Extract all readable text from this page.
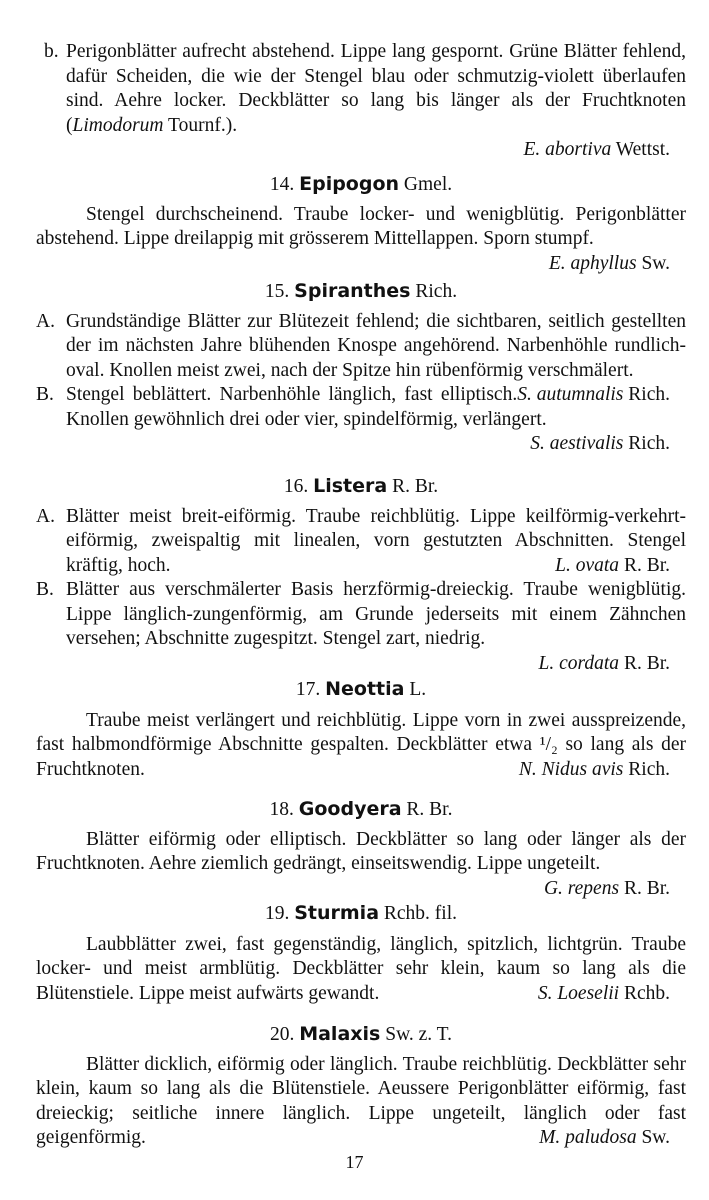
b. Perigonblätter aufrecht abstehend. Lippe lang gespornt. Grüne Blätter fehlend, dafür Scheiden, die wie der Stengel blau oder schmutzig-violett überlaufen sind. Aehre locker. Deckblätter so lang bis länger als der Fruchtknoten (Limodorum Tournf.).
E. abortiva Wettst.
14. Epipogon Gmel.
Stengel durchscheinend. Traube locker- und wenigblütig. Perigonblätter abstehend. Lippe dreilappig mit grösserem Mittellappen. Sporn stumpf.
E. aphyllus Sw.
15. Spiranthes Rich.
A. Grundständige Blätter zur Blütezeit fehlend; die sichtbaren, seitlich gestellten der im nächsten Jahre blühenden Knospe angehörend. Narbenhöhle rundlich-oval. Knollen meist zwei, nach der Spitze hin rübenförmig verschmälert.
S. autumnalis Rich.
B. Stengel beblättert. Narbenhöhle länglich, fast elliptisch. Knollen gewöhnlich drei oder vier, spindelförmig, verlängert.
S. aestivalis Rich.
16. Listera R. Br.
A. Blätter meist breit-eiförmig. Traube reichblütig. Lippe keilförmig-verkehrt-eiförmig, zweispaltig mit linealen, vorn gestutzten Abschnitten. Stengel kräftig, hoch.	L. ovata R. Br.
B. Blätter aus verschmälerter Basis herzförmig-dreieckig. Traube wenigblütig. Lippe länglich-zungenförmig, am Grunde jederseits mit einem Zähnchen versehen; Abschnitte zugespitzt. Stengel zart, niedrig.
L. cordata R. Br.
17. Neottia L.
Traube meist verlängert und reichblütig. Lippe vorn in zwei ausspreizende, fast halbmondförmige Abschnitte gespalten. Deckblätter etwa ¹/₂ so lang als der Fruchtknoten.	N. Nidus avis Rich.
18. Goodyera R. Br.
Blätter eiförmig oder elliptisch. Deckblätter so lang oder länger als der Fruchtknoten. Aehre ziemlich gedrängt, einseitswendig. Lippe ungeteilt.
G. repens R. Br.
19. Sturmia Rchb. fil.
Laubblätter zwei, fast gegenständig, länglich, spitzlich, lichtgrün. Traube locker- und meist armblütig. Deckblätter sehr klein, kaum so lang als die Blütenstiele. Lippe meist aufwärts gewandt.	S. Loeselii Rchb.
20. Malaxis Sw. z. T.
Blätter dicklich, eiförmig oder länglich. Traube reichblütig. Deckblätter sehr klein, kaum so lang als die Blütenstiele. Aeussere Perigonblätter eiförmig, fast dreieckig; seitliche innere länglich. Lippe ungeteilt, länglich oder fast geigenförmig.	M. paludosa Sw.
17
